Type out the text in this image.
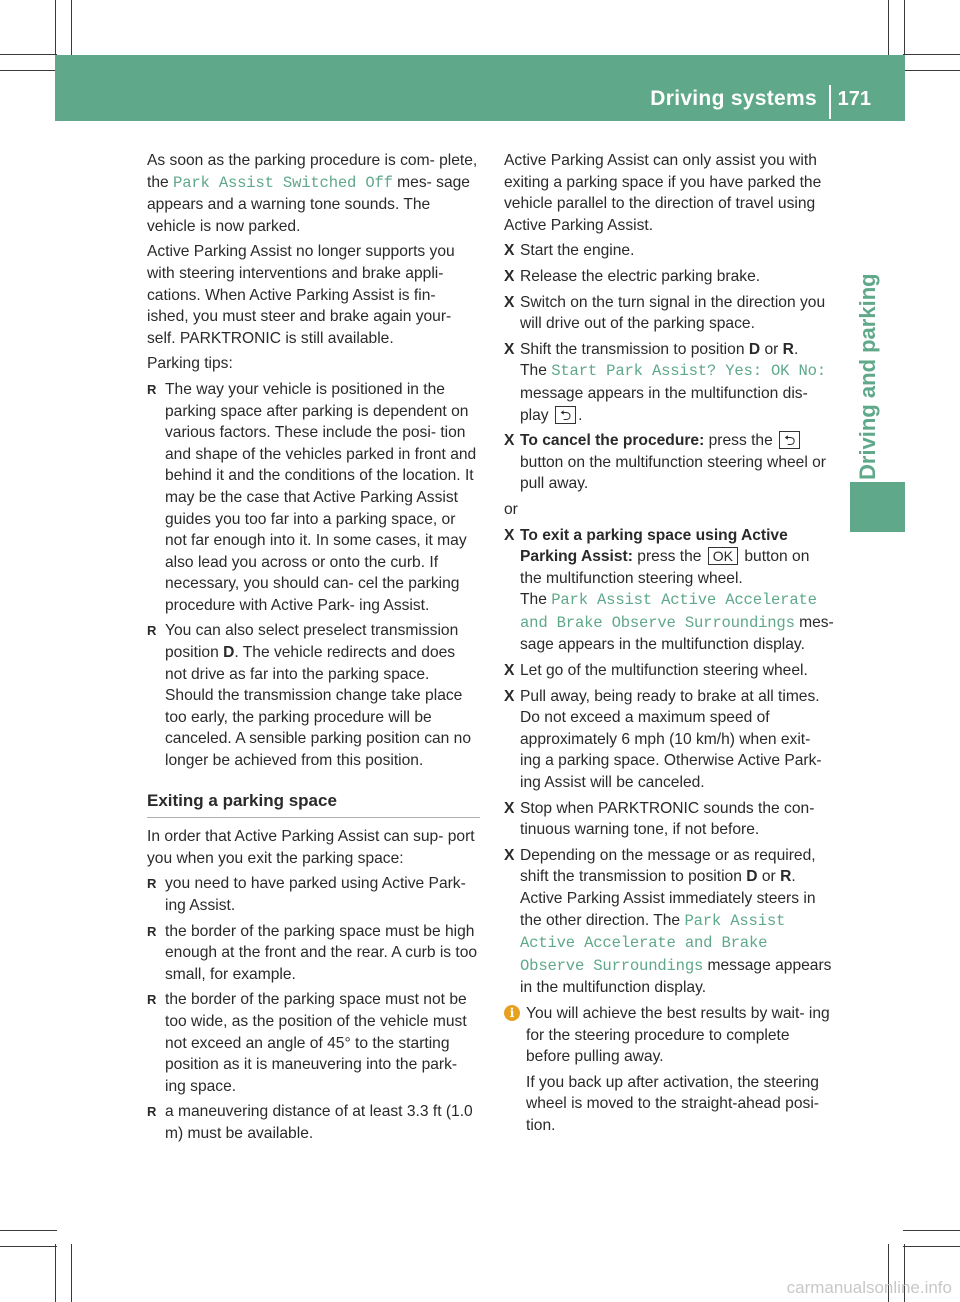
Driving systems 171
Driving and parking

As soon as the parking procedure is com- plete, the Park Assist Switched Off mes- sage appears and a warning tone sounds. The vehicle is now parked.

Active Parking Assist no longer supports you with steering interventions and brake appli- cations. When Active Parking Assist is fin- ished, you must steer and brake again your- self. PARKTRONIC is still available.

Parking tips:

R The way your vehicle is positioned in the parking space after parking is dependent on various factors. These include the posi- tion and shape of the vehicles parked in front and behind it and the conditions of the location. It may be the case that Active Parking Assist guides you too far into a parking space, or not far enough into it. In some cases, it may also lead you across or onto the curb. If necessary, you should can- cel the parking procedure with Active Park- ing Assist.

R You can also select preselect transmission position D. The vehicle redirects and does not drive as far into the parking space. Should the transmission change take place too early, the parking procedure will be canceled. A sensible parking position can no longer be achieved from this position.

Exiting a parking space

In order that Active Parking Assist can sup- port you when you exit the parking space:

R you need to have parked using Active Park- ing Assist.

R the border of the parking space must be high enough at the front and the rear. A curb is too small, for example.

R the border of the parking space must not be too wide, as the position of the vehicle must not exceed an angle of 45° to the starting position as it is maneuvering into the park- ing space.

R a maneuvering distance of at least 3.3 ft (1.0 m) must be available.

Active Parking Assist can only assist you with exiting a parking space if you have parked the vehicle parallel to the direction of travel using Active Parking Assist.

X Start the engine.

X Release the electric parking brake.

X Switch on the turn signal in the direction you will drive out of the parking space.

X Shift the transmission to position D or R.
The Start Park Assist? Yes: OK No: message appears in the multifunction dis- play ⮌ .

X To cancel the procedure: press the ⮌ button on the multifunction steering wheel or pull away.

or

X To exit a parking space using Active Parking Assist: press the OK button on the multifunction steering wheel.
The Park Assist Active Accelerate and Brake Observe Surroundings mes- sage appears in the multifunction display.

X Let go of the multifunction steering wheel.

X Pull away, being ready to brake at all times. Do not exceed a maximum speed of approximately 6 mph (10 km/h) when exit- ing a parking space. Otherwise Active Park- ing Assist will be canceled.

X Stop when PARKTRONIC sounds the con- tinuous warning tone, if not before.

X Depending on the message or as required, shift the transmission to position D or R.
Active Parking Assist immediately steers in the other direction. The Park Assist Active Accelerate and Brake Observe Surroundings message appears in the multifunction display.

i You will achieve the best results by wait- ing for the steering procedure to complete before pulling away.

If you back up after activation, the steering wheel is moved to the straight-ahead posi- tion.

carmanualsonline.info
